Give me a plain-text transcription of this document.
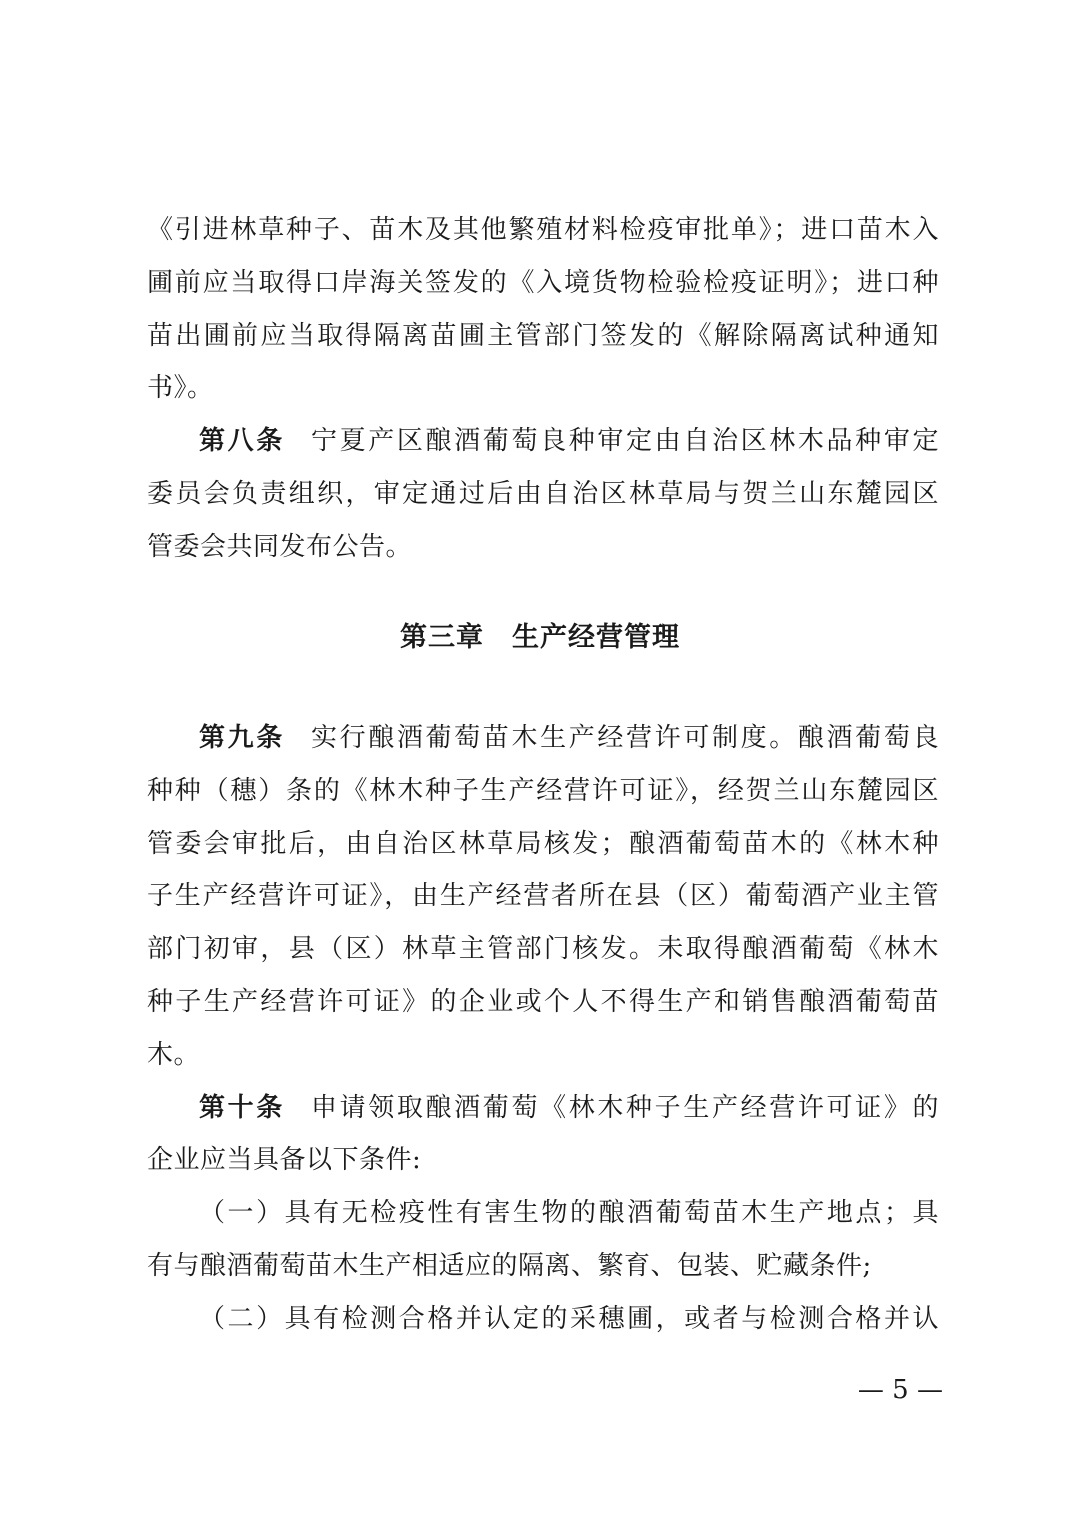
《引进林草种子、苗木及其他繁殖材料检疫审批单》；进口苗木入
圃前应当取得口岸海关签发的《入境货物检验检疫证明》；进口种
苗出圃前应当取得隔离苗圃主管部门签发的《解除隔离试种通知
书》。
第八条 宁夏产区酿酒葡萄良种审定由自治区林木品种审定
委员会负责组织，审定通过后由自治区林草局与贺兰山东麓园区
管委会共同发布公告。
第三章 生产经营管理
第九条 实行酿酒葡萄苗木生产经营许可制度。酿酒葡萄良
种种（穗）条的《林木种子生产经营许可证》，经贺兰山东麓园区
管委会审批后，由自治区林草局核发；酿酒葡萄苗木的《林木种
子生产经营许可证》，由生产经营者所在县（区）葡萄酒产业主管
部门初审，县（区）林草主管部门核发。未取得酿酒葡萄《林木
种子生产经营许可证》的企业或个人不得生产和销售酿酒葡萄苗
木。
第十条 申请领取酿酒葡萄《林木种子生产经营许可证》的
企业应当具备以下条件:
（一）具有无检疫性有害生物的酿酒葡萄苗木生产地点；具
有与酿酒葡萄苗木生产相适应的隔离、繁育、包装、贮藏条件;
（二）具有检测合格并认定的采穗圃，或者与检测合格并认
— 5 —
